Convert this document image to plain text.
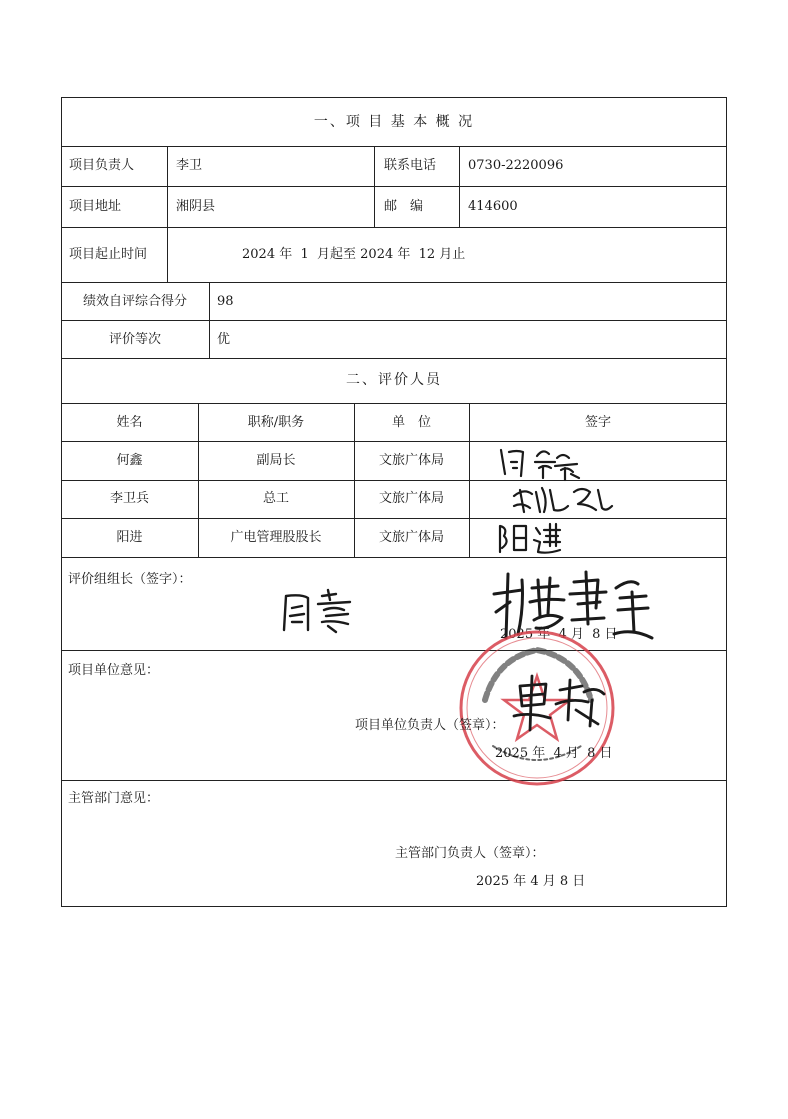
一、项 目 基 本 概 况
项目负责人	李卫	联系电话 0730-2220096
项目地址	湘阴县	邮　编	414600
项目起止时间	2024 年  1  月起至 2024 年  12 月止
绩效自评综合得分	98
评价等次	优
二、评价人员
姓名	职称/职务	单　位	签字
何鑫	副局长	文旅广体局
李卫兵	总工	文旅广体局
阳进	广电管理股股长	文旅广体局
评价组组长（签字）：
2025 年  4 月  8 日
项目单位意见：
项目单位负责人（签章）：
2025 年  4 月  8 日
主管部门意见：
主管部门负责人（签章）：
2025 年 4 月 8 日
